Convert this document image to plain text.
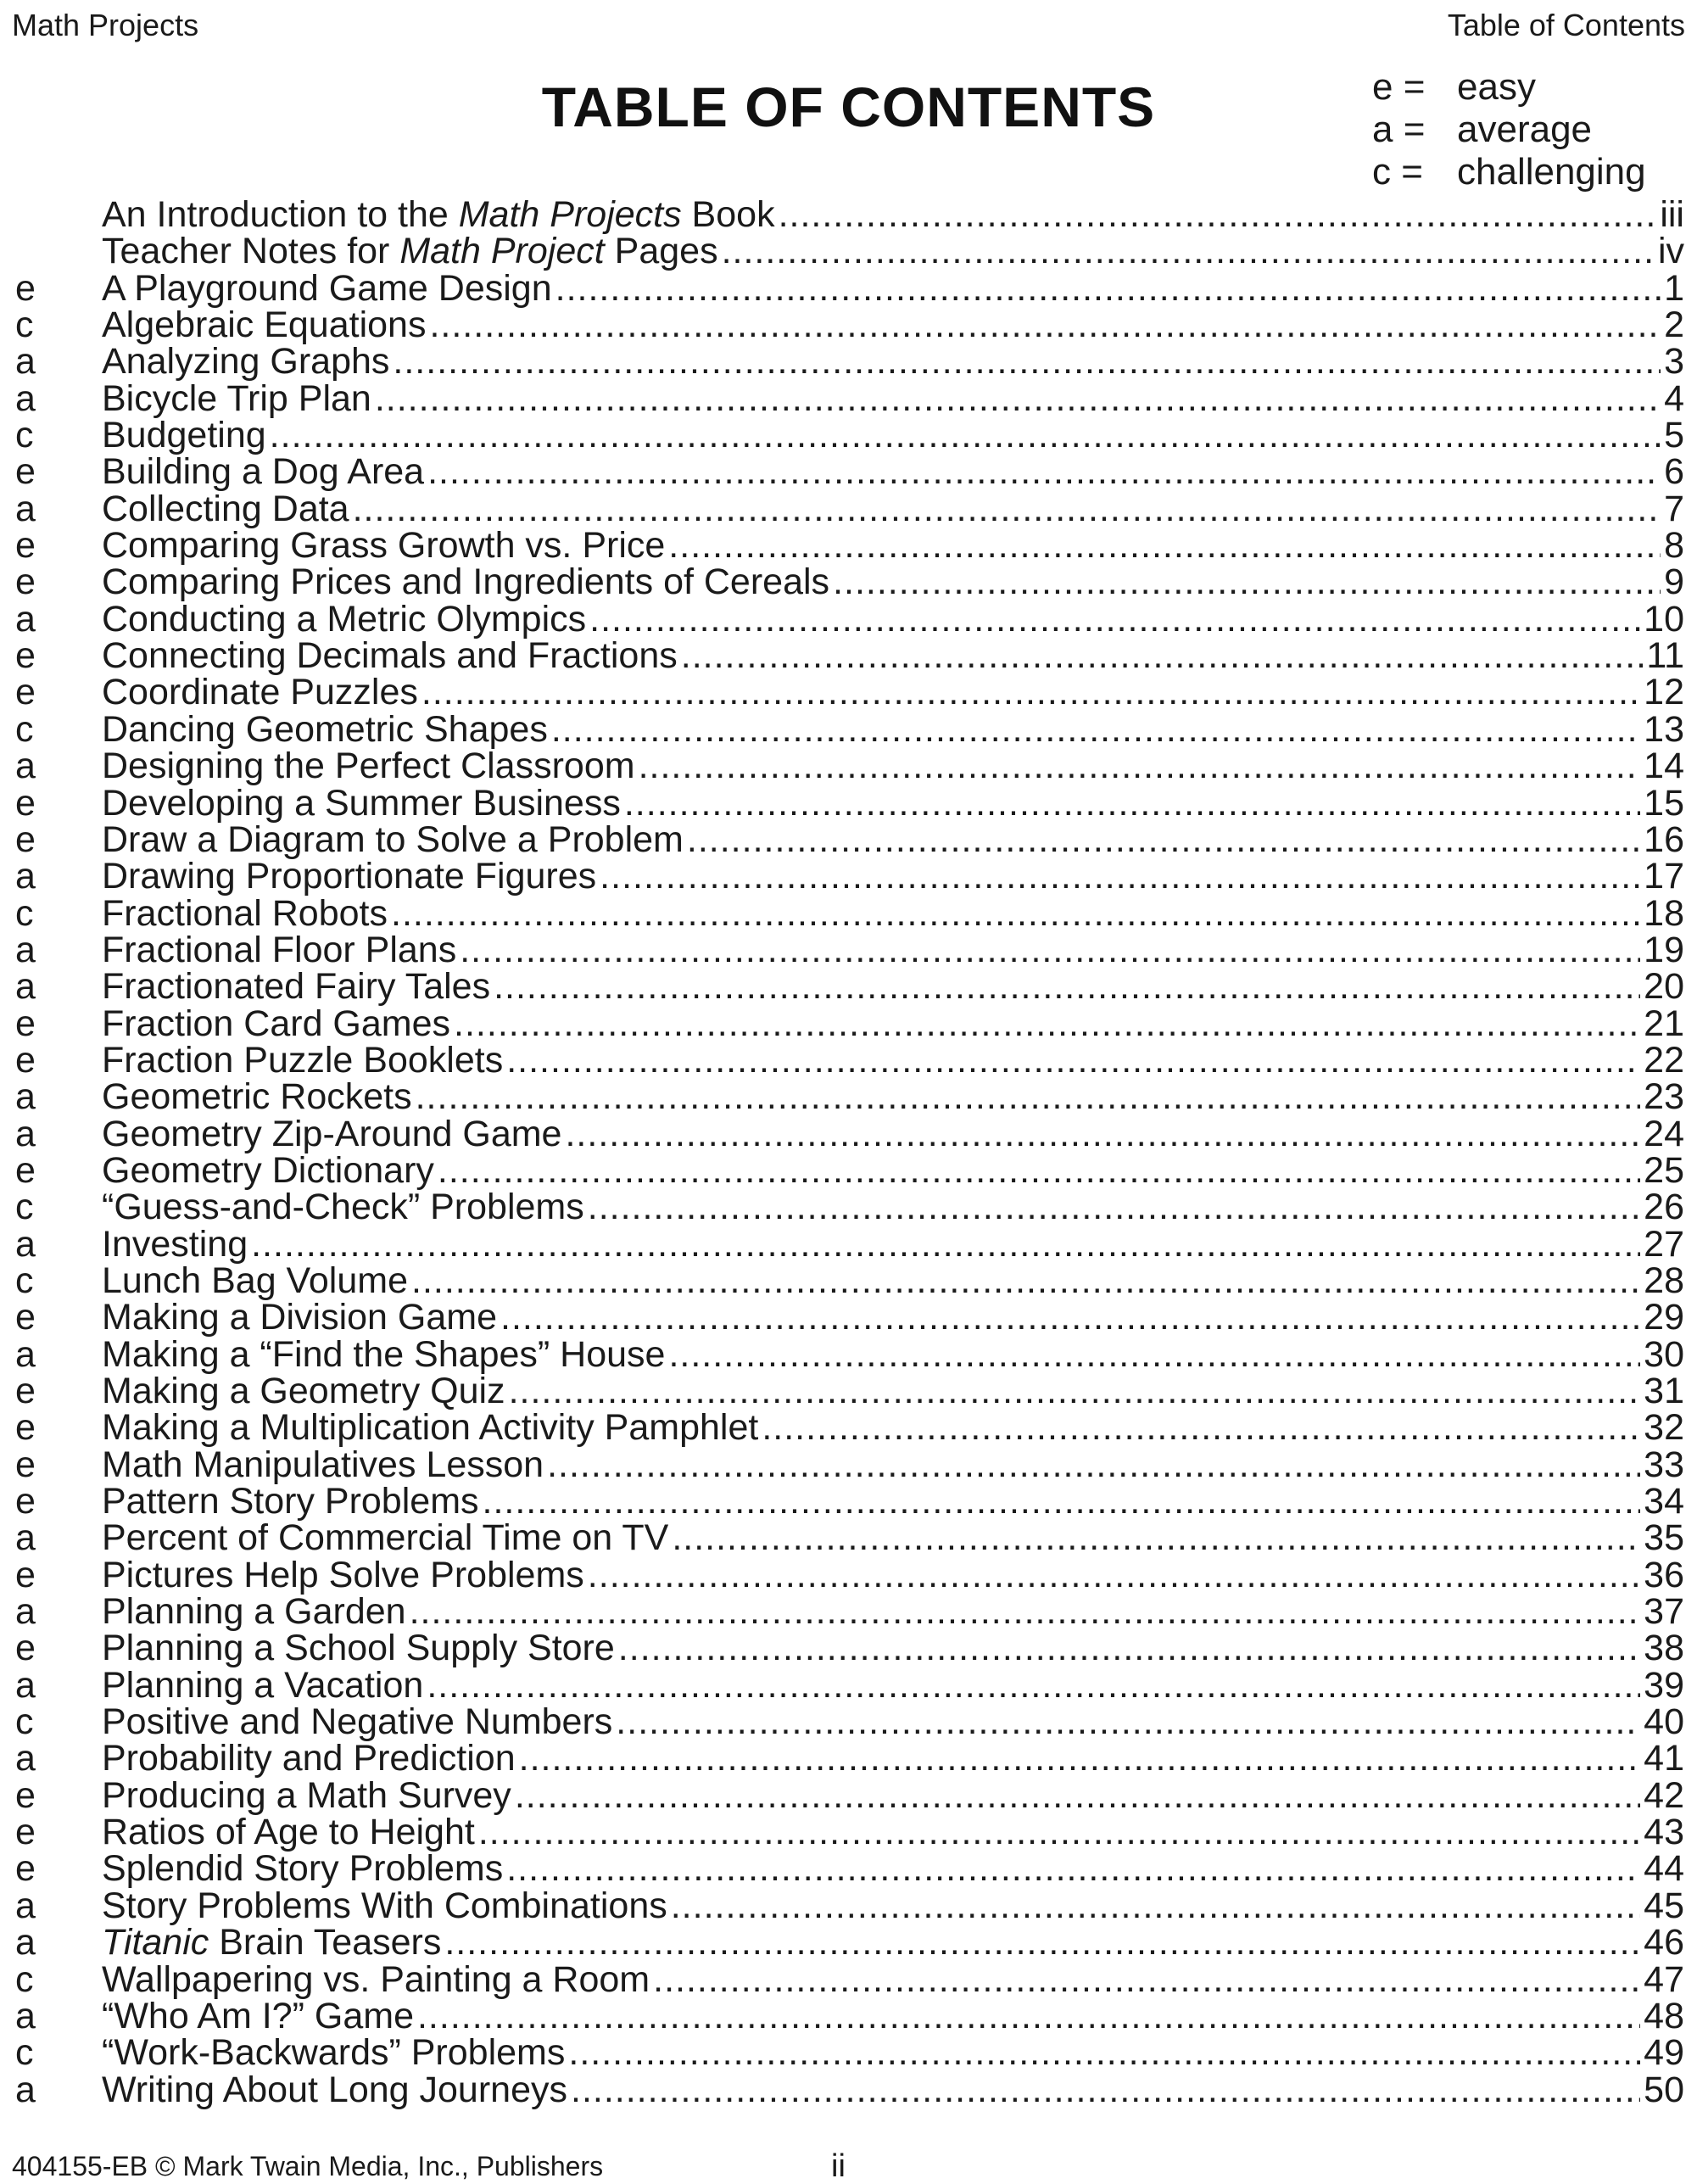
Math Projects	Table of Contents
TABLE OF CONTENTS	e = easy
a = average
c = challenging
An Introduction to the Math Projects Book .....	iii
Teacher Notes for Math Project Pages .....	iv
e	A Playground Game Design .....	1
c	Algebraic Equations .....	2
a	Analyzing Graphs .....	3
a	Bicycle Trip Plan .....	4
c	Budgeting .....	5
e	Building a Dog Area .....	6
a	Collecting Data .....	7
e	Comparing Grass Growth vs. Price .....	8
e	Comparing Prices and Ingredients of Cereals .....	9
a	Conducting a Metric Olympics .....	10
e	Connecting Decimals and Fractions .....	11
e	Coordinate Puzzles .....	12
c	Dancing Geometric Shapes .....	13
a	Designing the Perfect Classroom .....	14
e	Developing a Summer Business .....	15
e	Draw a Diagram to Solve a Problem .....	16
a	Drawing Proportionate Figures .....	17
c	Fractional Robots .....	18
a	Fractional Floor Plans .....	19
a	Fractionated Fairy Tales .....	20
e	Fraction Card Games .....	21
e	Fraction Puzzle Booklets .....	22
a	Geometric Rockets .....	23
a	Geometry Zip-Around Game .....	24
e	Geometry Dictionary .....	25
c	“Guess-and-Check” Problems .....	26
a	Investing .....	27
c	Lunch Bag Volume .....	28
e	Making a Division Game .....	29
a	Making a “Find the Shapes” House .....	30
e	Making a Geometry Quiz .....	31
e	Making a Multiplication Activity Pamphlet .....	32
e	Math Manipulatives Lesson .....	33
e	Pattern Story Problems .....	34
a	Percent of Commercial Time on TV .....	35
e	Pictures Help Solve Problems .....	36
a	Planning a Garden .....	37
e	Planning a School Supply Store .....	38
a	Planning a Vacation .....	39
c	Positive and Negative Numbers .....	40
a	Probability and Prediction .....	41
e	Producing a Math Survey .....	42
e	Ratios of Age to Height .....	43
e	Splendid Story Problems .....	44
a	Story Problems With Combinations .....	45
a	Titanic Brain Teasers .....	46
c	Wallpapering vs. Painting a Room .....	47
a	“Who Am I?” Game .....	48
c	“Work-Backwards” Problems .....	49
a	Writing About Long Journeys .....	50
404155-EB © Mark Twain Media, Inc., Publishers	ii
